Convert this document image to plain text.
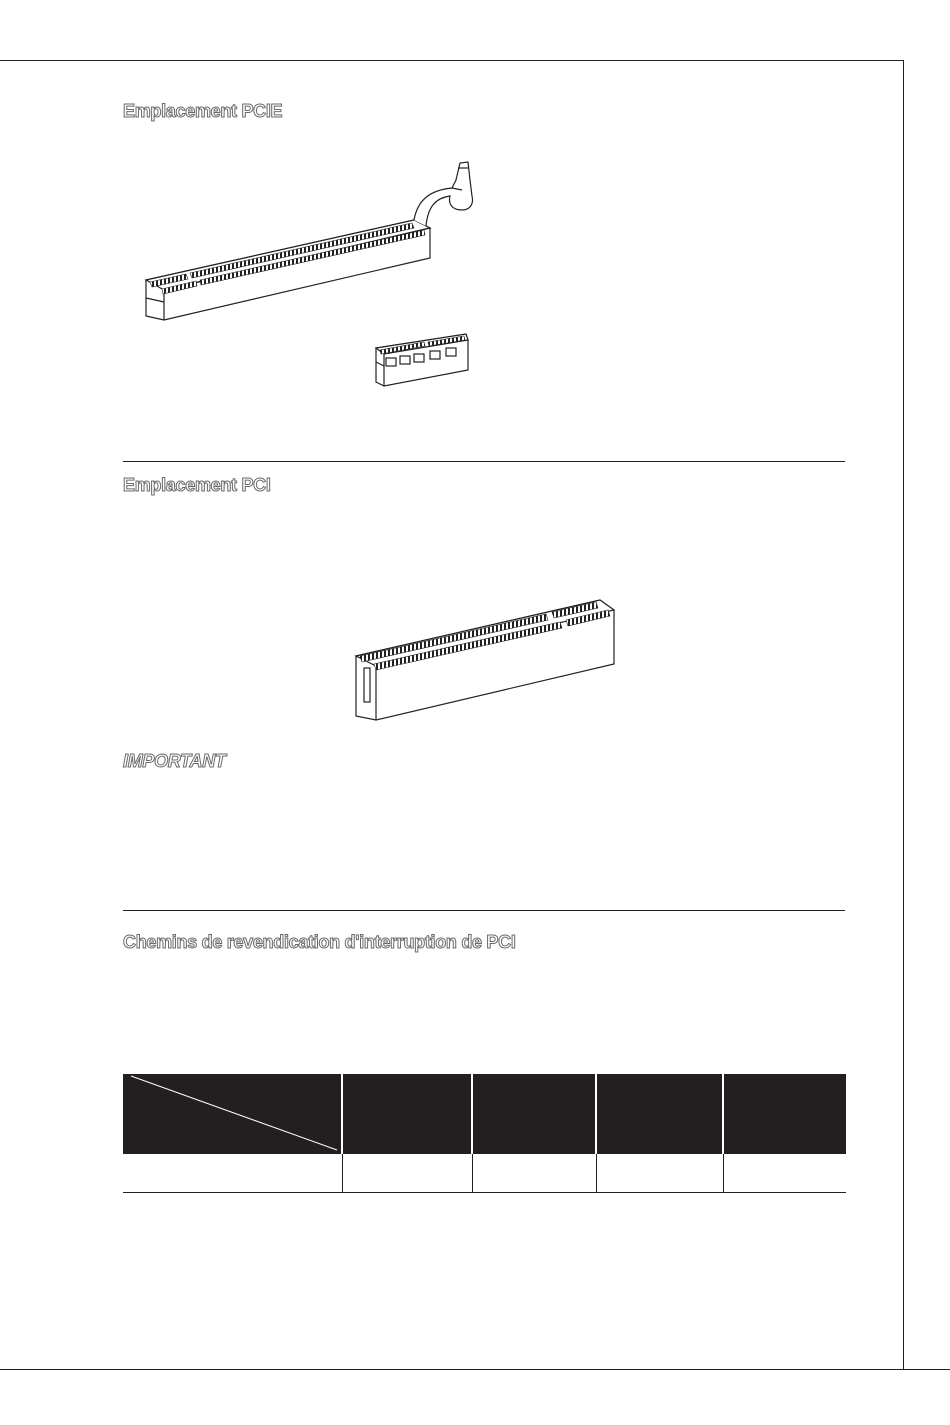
Emplacement PCIE
Emplacement PCI
IMPORTANT
Chemins de revendication d'interruption de PCI
